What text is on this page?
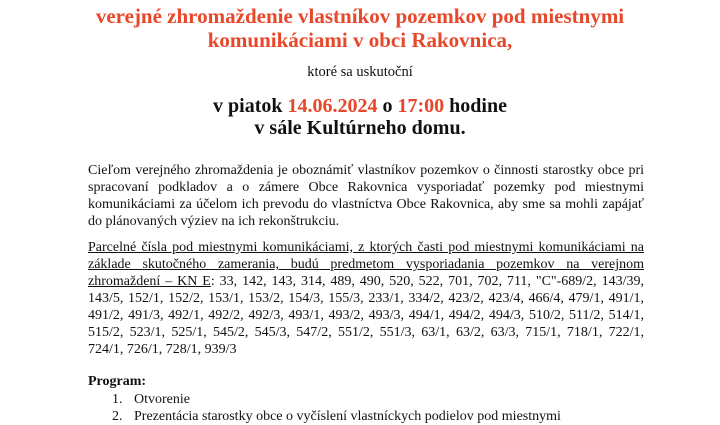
verejné zhromaždenie vlastníkov pozemkov pod miestnymi
komunikáciami v obci Rakovnica,
ktoré sa uskutoční
v piatok 14.06.2024 o 17:00 hodine
v sále Kultúrneho domu.
Cieľom verejného zhromaždenia je oboznámiť vlastníkov pozemkov o činnosti starostky obce pri spracovaní podkladov a o zámere Obce Rakovnica vysporiadať pozemky pod miestnymi komunikáciami za účelom ich prevodu do vlastníctva Obce Rakovnica, aby sme sa mohli zapájať do plánovaných výziev na ich rekonštrukciu.
Parcelné čísla pod miestnymi komunikáciami, z ktorých časti pod miestnymi komunikáciami na základe skutočného zamerania, budú predmetom vysporiadania pozemkov na verejnom zhromaždení – KN E: 33, 142, 143, 314, 489, 490, 520, 522, 701, 702, 711, "C"-689/2, 143/39, 143/5, 152/1, 152/2, 153/1, 153/2, 154/3, 155/3, 233/1, 334/2, 423/2, 423/4, 466/4, 479/1, 491/1, 491/2, 491/3, 492/1, 492/2, 492/3, 493/1, 493/2, 493/3, 494/1, 494/2, 494/3, 510/2, 511/2, 514/1, 515/2, 523/1, 525/1, 545/2, 545/3, 547/2, 551/2, 551/3, 63/1, 63/2, 63/3, 715/1, 718/1, 722/1, 724/1, 726/1, 728/1, 939/3
Program:
1. Otvorenie
2. Prezentácia starostky obce o vyčíslení vlastníckych podielov pod miestnymi
